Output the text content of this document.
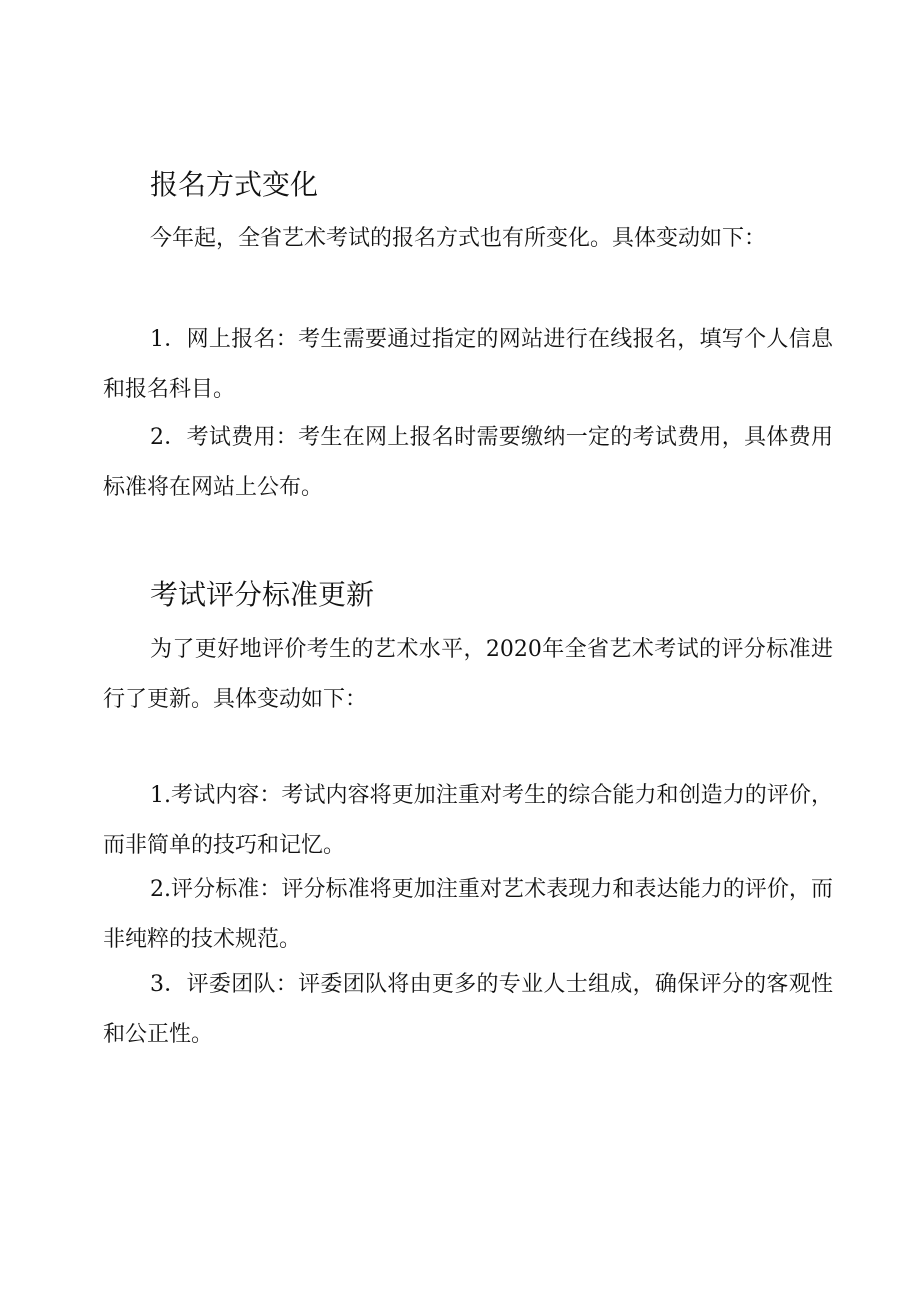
报名方式变化

今年起，全省艺术考试的报名方式也有所变化。具体变动如下：

1．网上报名：考生需要通过指定的网站进行在线报名，填写个人信息和报名科目。

2．考试费用：考生在网上报名时需要缴纳一定的考试费用，具体费用标准将在网站上公布。

考试评分标准更新

为了更好地评价考生的艺术水平，2020年全省艺术考试的评分标准进行了更新。具体变动如下：

1.考试内容：考试内容将更加注重对考生的综合能力和创造力的评价，而非简单的技巧和记忆。

2.评分标准：评分标准将更加注重对艺术表现力和表达能力的评价，而非纯粹的技术规范。

3．评委团队：评委团队将由更多的专业人士组成，确保评分的客观性和公正性。
